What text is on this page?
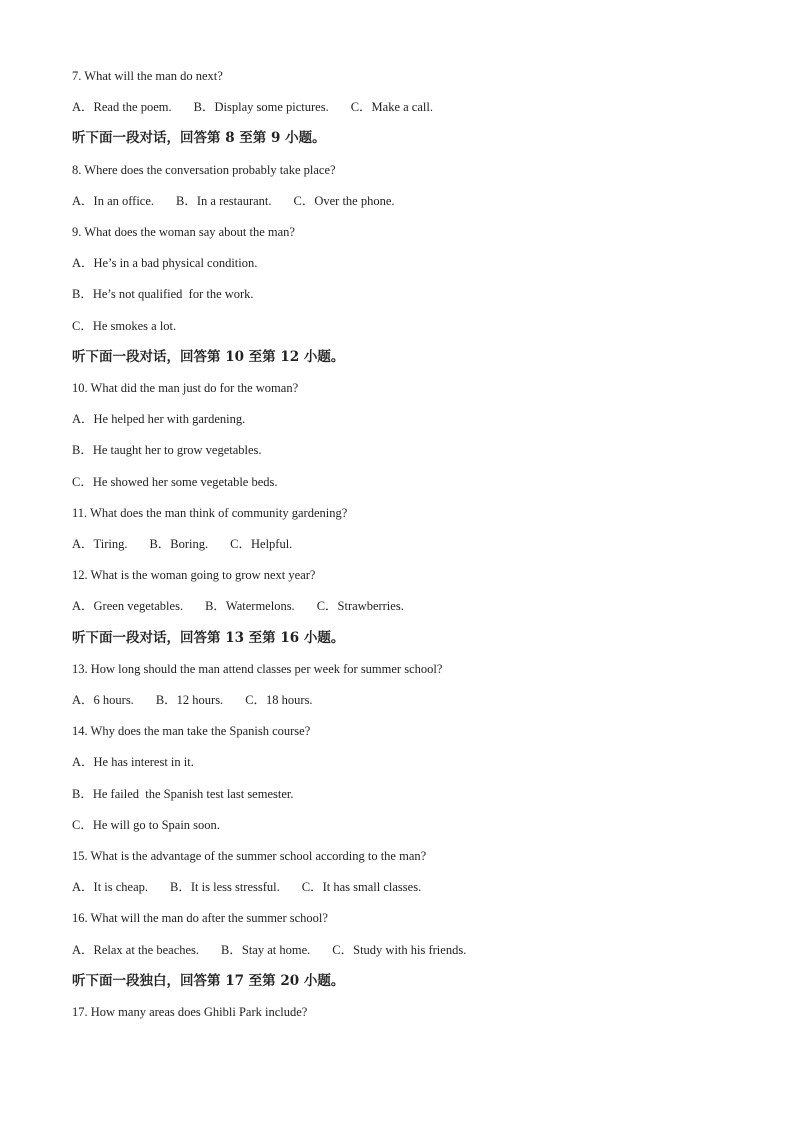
7. What will the man do next?
A．Read the poem. B．Display some pictures. C．Make a call.
听下面一段对话，回答第 8 至第 9 小题。
8. Where does the conversation probably take place?
A．In an office. B．In a restaurant. C．Over the phone.
9. What does the woman say about the man?
A．He’s in a bad physical condition.
B．He’s not qualified  for the work.
C．He smokes a lot.
听下面一段对话，回答第 10 至第 12 小题。
10. What did the man just do for the woman?
A．He helped her with gardening.
B．He taught her to grow vegetables.
C．He showed her some vegetable beds.
11. What does the man think of community gardening?
A．Tiring. B．Boring. C．Helpful.
12. What is the woman going to grow next year?
A．Green vegetables. B．Watermelons. C．Strawberries.
听下面一段对话，回答第 13 至第 16 小题。
13. How long should the man attend classes per week for summer school?
A．6 hours. B．12 hours. C．18 hours.
14. Why does the man take the Spanish course?
A．He has interest in it.
B．He failed  the Spanish test last semester.
C．He will go to Spain soon.
15. What is the advantage of the summer school according to the man?
A．It is cheap. B．It is less stressful. C．It has small classes.
16. What will the man do after the summer school?
A．Relax at the beaches. B．Stay at home. C．Study with his friends.
听下面一段独白，回答第 17 至第 20 小题。
17. How many areas does Ghibli Park include?
